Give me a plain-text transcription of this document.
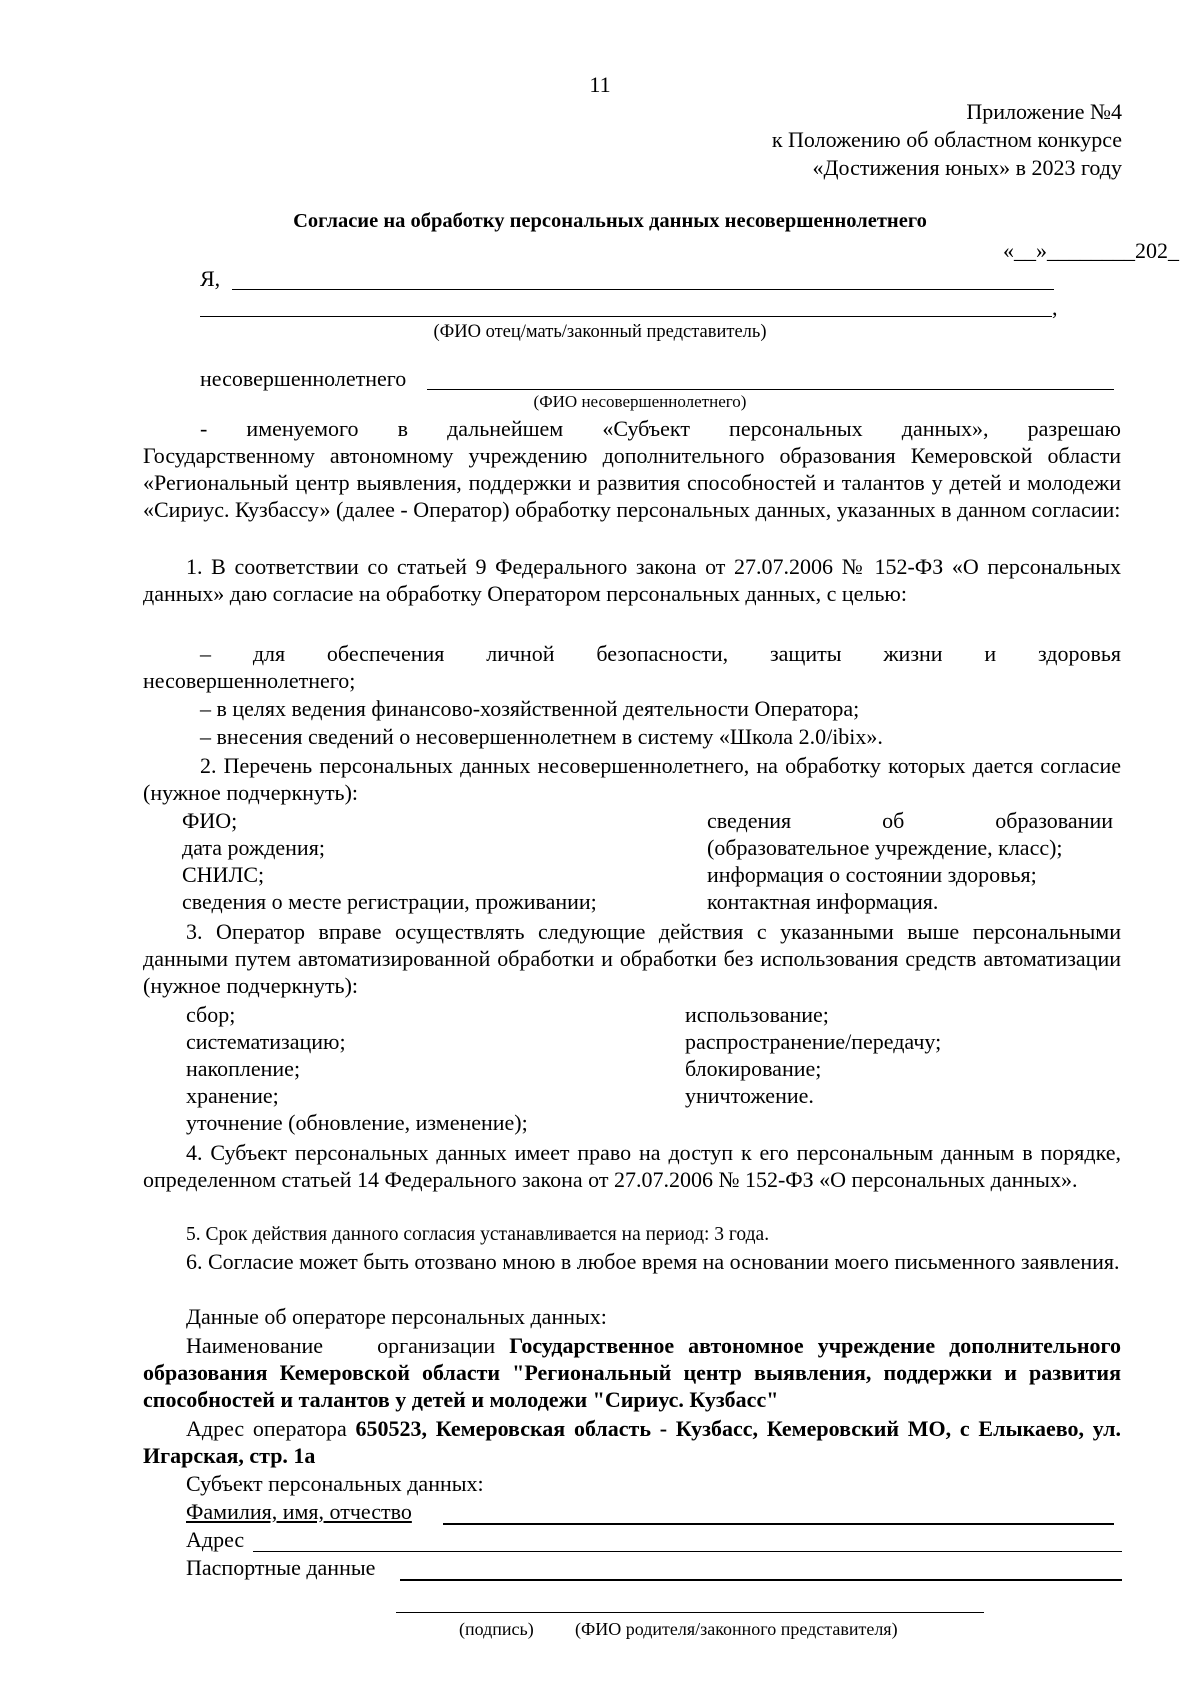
11
Приложение №4
к Положению об областном конкурсе
«Достижения юных» в 2023 году
Согласие на обработку персональных данных несовершеннолетнего
«__»________202_
Я,
,
(ФИО отец/мать/законный представитель)
несовершеннолетнего
(ФИО несовершеннолетнего)
- именуемого в дальнейшем «Субъект персональных данных», разрешаю
Государственному автономному учреждению дополнительного образования Кемеровской области «Региональный центр выявления, поддержки и развития способностей и талантов у детей и молодежи «Сириус. Кузбассу» (далее - Оператор) обработку персональных данных, указанных в данном согласии:
1. В соответствии со статьей 9 Федерального закона от 27.07.2006 № 152-ФЗ «О персональных данных» даю согласие на обработку Оператором персональных данных, с целью:
– для обеспечения личной безопасности, защиты жизни и здоровья
несовершеннолетнего;
– в целях ведения финансово-хозяйственной деятельности Оператора;
– внесения сведений о несовершеннолетнем в систему «Школа 2.0/ibix».
2. Перечень персональных данных несовершеннолетнего, на обработку которых дается согласие (нужное подчеркнуть):
ФИО;
дата рождения;
СНИЛС;
сведения о месте регистрации, проживании;
сведения об образовании
(образовательное учреждение, класс);
информация о состоянии здоровья;
контактная информация.
3. Оператор вправе осуществлять следующие действия с указанными выше персональными данными путем автоматизированной обработки и обработки без использования средств автоматизации (нужное подчеркнуть):
сбор;
систематизацию;
накопление;
хранение;
уточнение (обновление, изменение);
использование;
распространение/передачу;
блокирование;
уничтожение.
4. Субъект персональных данных имеет право на доступ к его персональным данным в порядке, определенном статьей 14 Федерального закона от 27.07.2006 № 152-ФЗ «О персональных данных».
5. Срок действия данного согласия устанавливается на период: 3 года.
6. Согласие может быть отозвано мною в любое время на основании моего письменного заявления.
Данные об операторе персональных данных:
Наименование организации Государственное автономное учреждение дополнительного образования Кемеровской области "Региональный центр выявления, поддержки и развития способностей и талантов у детей и молодежи "Сириус. Кузбасс"
Адрес оператора 650523, Кемеровская область - Кузбасс, Кемеровский МО, с Елыкаево, ул. Игарская, стр. 1а
Субъект персональных данных:
Фамилия, имя, отчество
Адрес
Паспортные данные
(подпись) (ФИО родителя/законного представителя)
